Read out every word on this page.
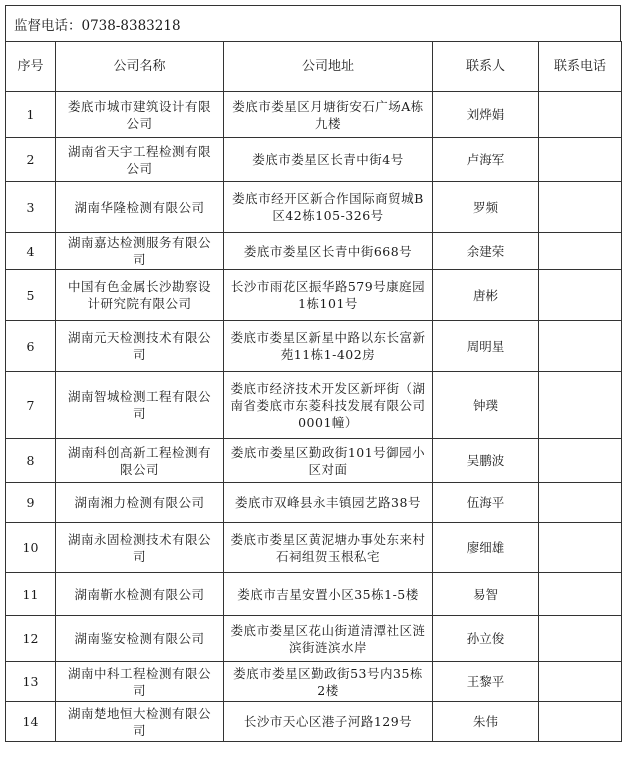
监督电话：0738-8383218
序号	公司名称	公司地址	联系人	联系电话
1	娄底市城市建筑设计有限公司	娄底市娄星区月塘街安石广场A栋九楼	刘烨娟	
2	湖南省天宇工程检测有限公司	娄底市娄星区长青中街4号	卢海军	
3	湖南华隆检测有限公司	娄底市经开区新合作国际商贸城B区42栋105-326号	罗频	
4	湖南嘉达检测服务有限公司	娄底市娄星区长青中街668号	余建荣	
5	中国有色金属长沙勘察设计研究院有限公司	长沙市雨花区振华路579号康庭园1栋101号	唐彬	
6	湖南元天检测技术有限公司	娄底市娄星区新星中路以东长富新苑11栋1-402房	周明星	
7	湖南智城检测工程有限公司	娄底市经济技术开发区新坪街（湖南省娄底市东菱科技发展有限公司0001幢）	钟璞	
8	湖南科创高新工程检测有限公司	娄底市娄星区勤政街101号御园小区对面	吴鹏波	
9	湖南湘力检测有限公司	娄底市双峰县永丰镇园艺路38号	伍海平	
10	湖南永固检测技术有限公司	娄底市娄星区黄泥塘办事处东来村石祠组贺玉根私宅	廖细雄	
11	湖南靳水检测有限公司	娄底市吉星安置小区35栋1-5楼	易智	
12	湖南鉴安检测有限公司	娄底市娄星区花山街道清潭社区涟滨街涟滨水岸	孙立俊	
13	湖南中科工程检测有限公司	娄底市娄星区勤政街53号内35栋2楼	王黎平	
14	湖南楚地恒大检测有限公司	长沙市天心区港子河路129号	朱伟	
